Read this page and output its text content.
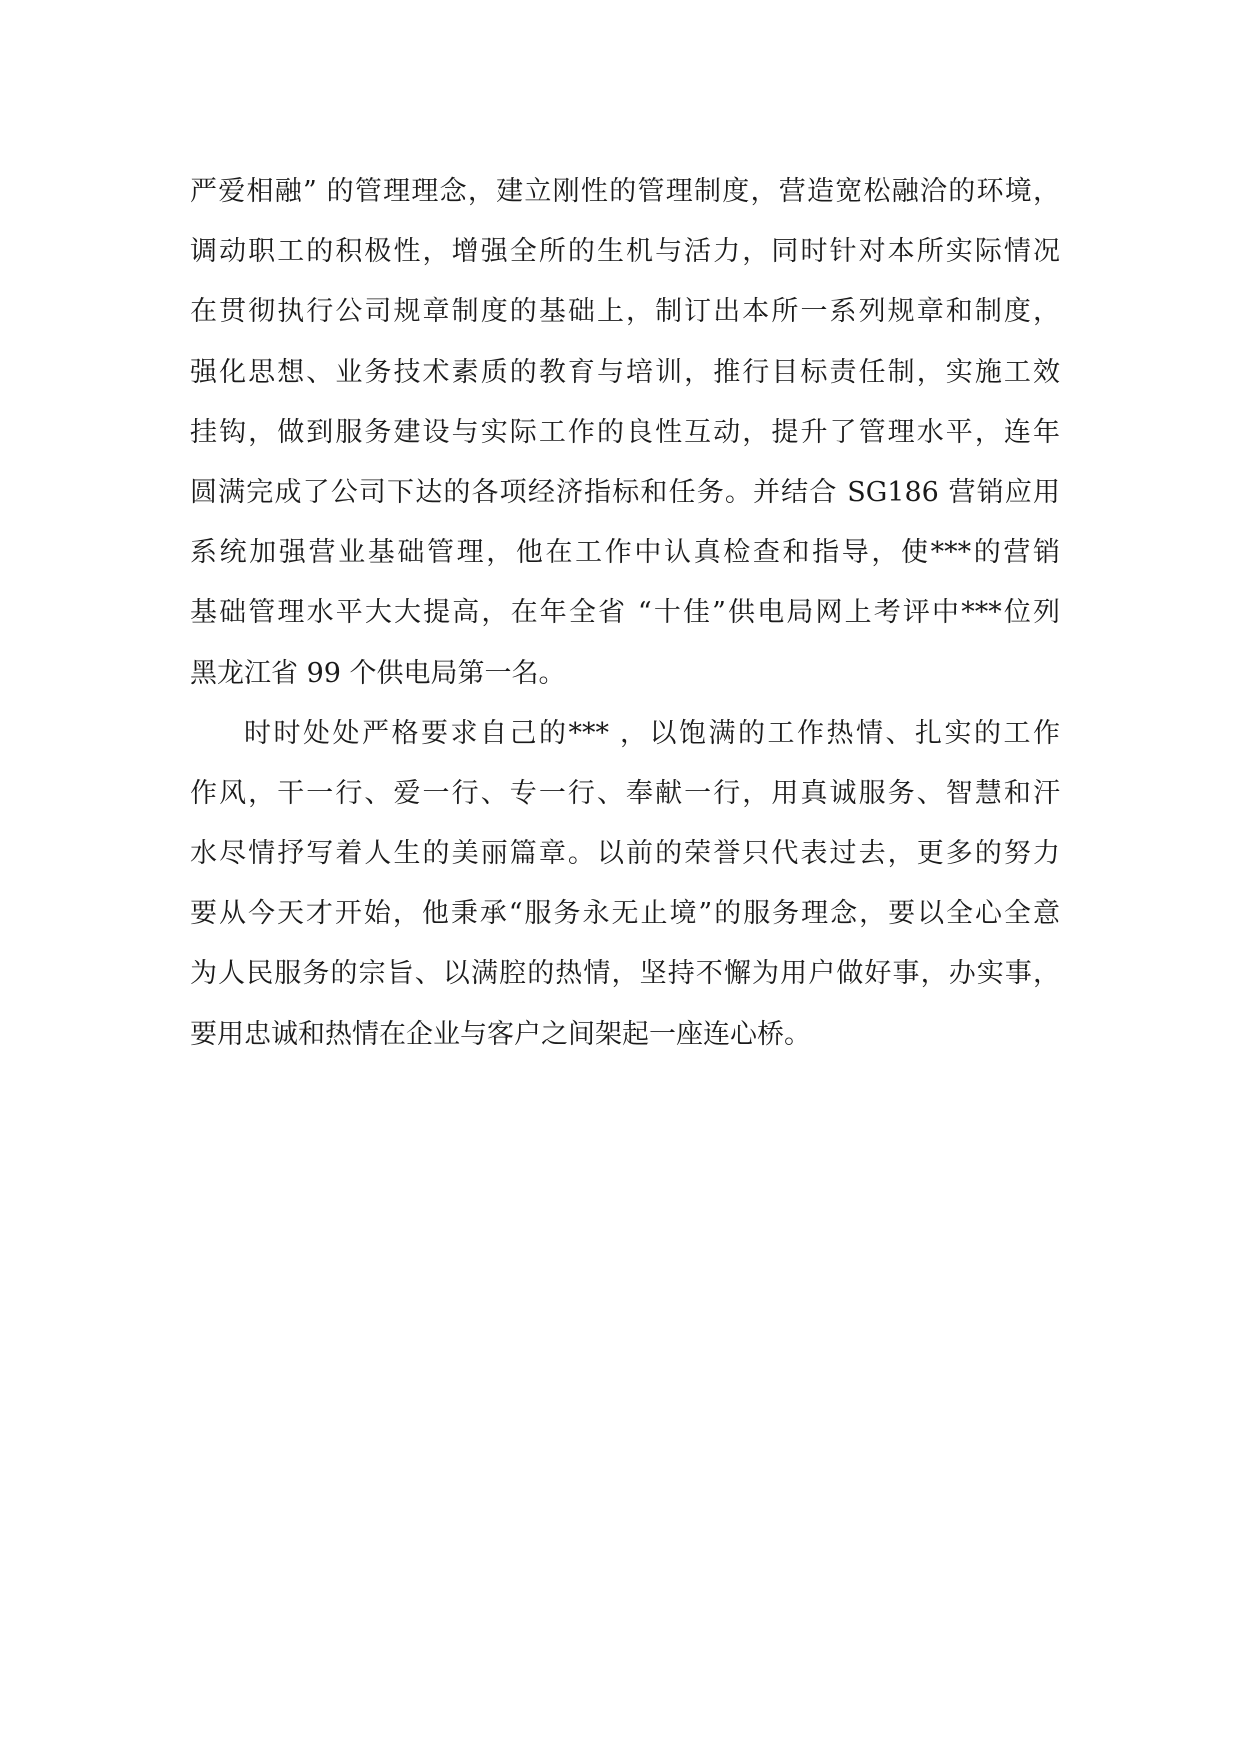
严爱相融” 的管理理念，建立刚性的管理制度，营造宽松融洽的环境，
调动职工的积极性，增强全所的生机与活力，同时针对本所实际情况
在贯彻执行公司规章制度的基础上，制订出本所一系列规章和制度，
强化思想、业务技术素质的教育与培训，推行目标责任制，实施工效
挂钩，做到服务建设与实际工作的良性互动，提升了管理水平，连年
圆满完成了公司下达的各项经济指标和任务。并结合 SG186 营销应用
系统加强营业基础管理，他在工作中认真检查和指导，使***的营销
基础管理水平大大提高，在年全省 “十佳”供电局网上考评中***位列
黑龙江省 99 个供电局第一名。
时时处处严格要求自己的*** ，以饱满的工作热情、扎实的工作
作风，干一行、爱一行、专一行、奉献一行，用真诚服务、智慧和汗
水尽情抒写着人生的美丽篇章。以前的荣誉只代表过去，更多的努力
要从今天才开始，他秉承“服务永无止境”的服务理念，要以全心全意
为人民服务的宗旨、以满腔的热情，坚持不懈为用户做好事，办实事，
要用忠诚和热情在企业与客户之间架起一座连心桥。
